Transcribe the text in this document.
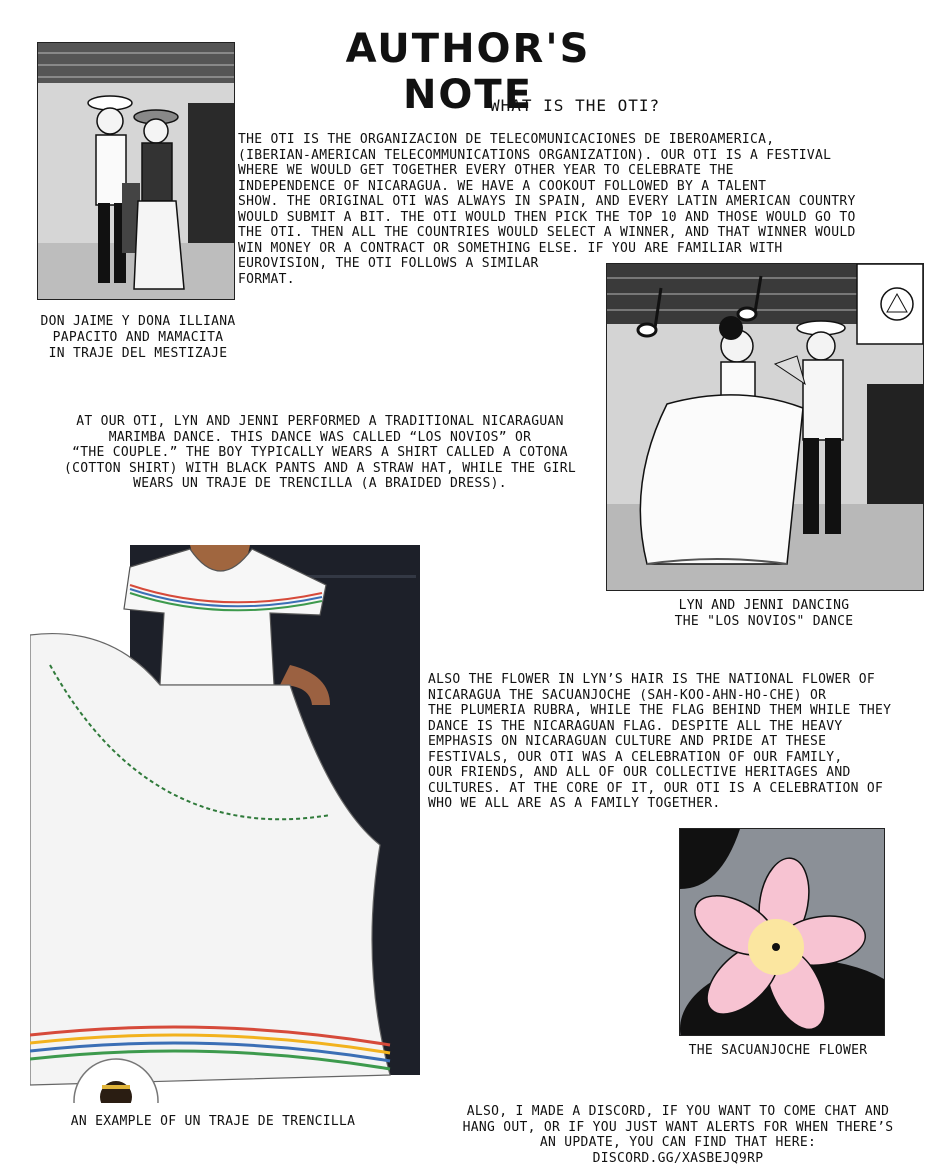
AUTHOR'S NOTE
WHAT IS THE OTI?
THE OTI IS THE ORGANIZACION DE TELECOMUNICACIONES DE IBEROAMERICA,
(IBERIAN-AMERICAN TELECOMMUNICATIONS ORGANIZATION). OUR OTI IS A FESTIVAL
WHERE WE WOULD GET TOGETHER EVERY OTHER YEAR TO CELEBRATE THE
INDEPENDENCE OF NICARAGUA. WE HAVE A COOKOUT FOLLOWED BY A TALENT
SHOW. THE ORIGINAL OTI WAS ALWAYS IN SPAIN, AND EVERY LATIN AMERICAN COUNTRY
WOULD SUBMIT A BIT. THE OTI WOULD THEN PICK THE TOP 10 AND THOSE WOULD GO TO
THE OTI. THEN ALL THE COUNTRIES WOULD SELECT A WINNER, AND THAT WINNER WOULD
WIN MONEY OR A CONTRACT OR SOMETHING ELSE. IF YOU ARE FAMILIAR WITH
EUROVISION, THE OTI FOLLOWS A SIMILAR
FORMAT.
DON JAIME Y DONA ILLIANA
PAPACITO AND MAMACITA
IN TRAJE DEL MESTIZAJE
AT OUR OTI, LYN AND JENNI PERFORMED A TRADITIONAL NICARAGUAN
MARIMBA DANCE. THIS DANCE WAS CALLED “LOS NOVIOS” OR
“THE COUPLE.” THE BOY TYPICALLY WEARS A SHIRT CALLED A COTONA
(COTTON SHIRT) WITH BLACK PANTS AND A STRAW HAT, WHILE THE GIRL
WEARS UN TRAJE DE TRENCILLA (A BRAIDED DRESS).
LYN AND JENNI DANCING
THE "LOS NOVIOS" DANCE
AN EXAMPLE OF UN TRAJE DE TRENCILLA
ALSO THE FLOWER IN LYN’S HAIR IS THE NATIONAL FLOWER OF
NICARAGUA THE SACUANJOCHE (SAH-KOO-AHN-HO-CHE) OR
THE PLUMERIA RUBRA, WHILE THE FLAG BEHIND THEM WHILE THEY
DANCE IS THE NICARAGUAN FLAG. DESPITE ALL THE HEAVY
EMPHASIS ON NICARAGUAN CULTURE AND PRIDE AT THESE
FESTIVALS, OUR OTI WAS A CELEBRATION OF OUR FAMILY,
OUR FRIENDS, AND ALL OF OUR COLLECTIVE HERITAGES AND
CULTURES. AT THE CORE OF IT, OUR OTI IS A CELEBRATION OF
WHO WE ALL ARE AS A FAMILY TOGETHER.
THE SACUANJOCHE FLOWER
ALSO, I MADE A DISCORD, IF YOU WANT TO COME CHAT AND
HANG OUT, OR IF YOU JUST WANT ALERTS FOR WHEN THERE’S
AN UPDATE, YOU CAN FIND THAT HERE:
DISCORD.GG/XASBEJQ9RP
